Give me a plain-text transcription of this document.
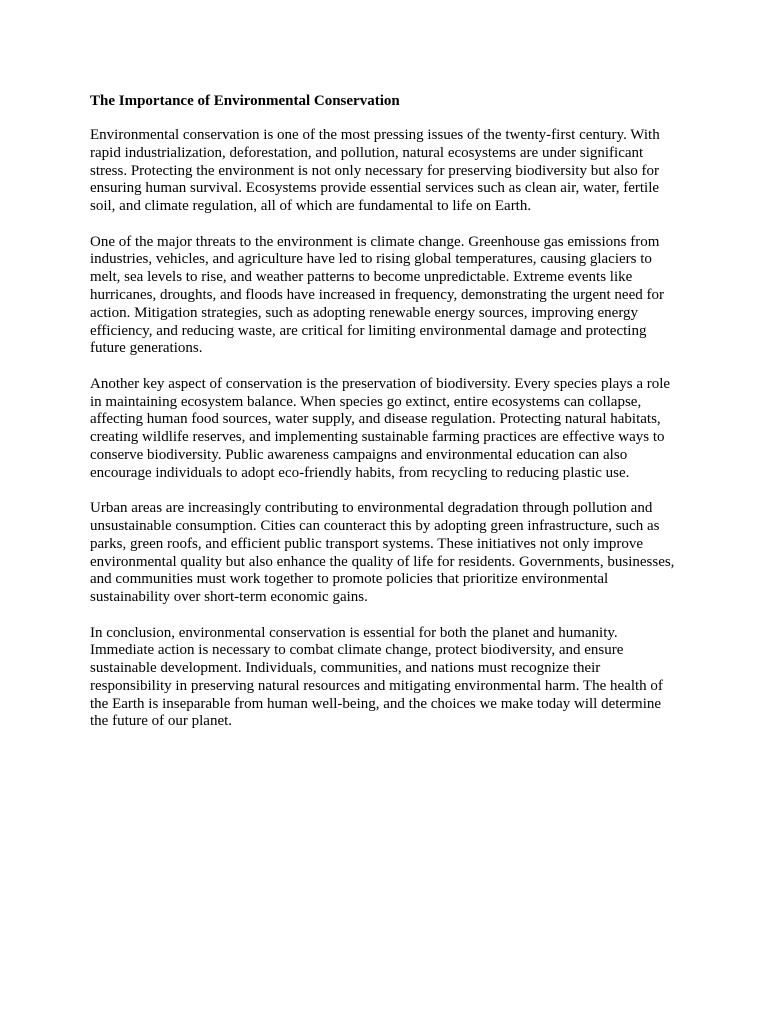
The Importance of Environmental Conservation

Environmental conservation is one of the most pressing issues of the twenty-first century. With rapid industrialization, deforestation, and pollution, natural ecosystems are under significant stress. Protecting the environment is not only necessary for preserving biodiversity but also for ensuring human survival. Ecosystems provide essential services such as clean air, water, fertile soil, and climate regulation, all of which are fundamental to life on Earth.

One of the major threats to the environment is climate change. Greenhouse gas emissions from industries, vehicles, and agriculture have led to rising global temperatures, causing glaciers to melt, sea levels to rise, and weather patterns to become unpredictable. Extreme events like hurricanes, droughts, and floods have increased in frequency, demonstrating the urgent need for action. Mitigation strategies, such as adopting renewable energy sources, improving energy efficiency, and reducing waste, are critical for limiting environmental damage and protecting future generations.

Another key aspect of conservation is the preservation of biodiversity. Every species plays a role in maintaining ecosystem balance. When species go extinct, entire ecosystems can collapse, affecting human food sources, water supply, and disease regulation. Protecting natural habitats, creating wildlife reserves, and implementing sustainable farming practices are effective ways to conserve biodiversity. Public awareness campaigns and environmental education can also encourage individuals to adopt eco-friendly habits, from recycling to reducing plastic use.

Urban areas are increasingly contributing to environmental degradation through pollution and unsustainable consumption. Cities can counteract this by adopting green infrastructure, such as parks, green roofs, and efficient public transport systems. These initiatives not only improve environmental quality but also enhance the quality of life for residents. Governments, businesses, and communities must work together to promote policies that prioritize environmental sustainability over short-term economic gains.

In conclusion, environmental conservation is essential for both the planet and humanity. Immediate action is necessary to combat climate change, protect biodiversity, and ensure sustainable development. Individuals, communities, and nations must recognize their responsibility in preserving natural resources and mitigating environmental harm. The health of the Earth is inseparable from human well-being, and the choices we make today will determine the future of our planet.
